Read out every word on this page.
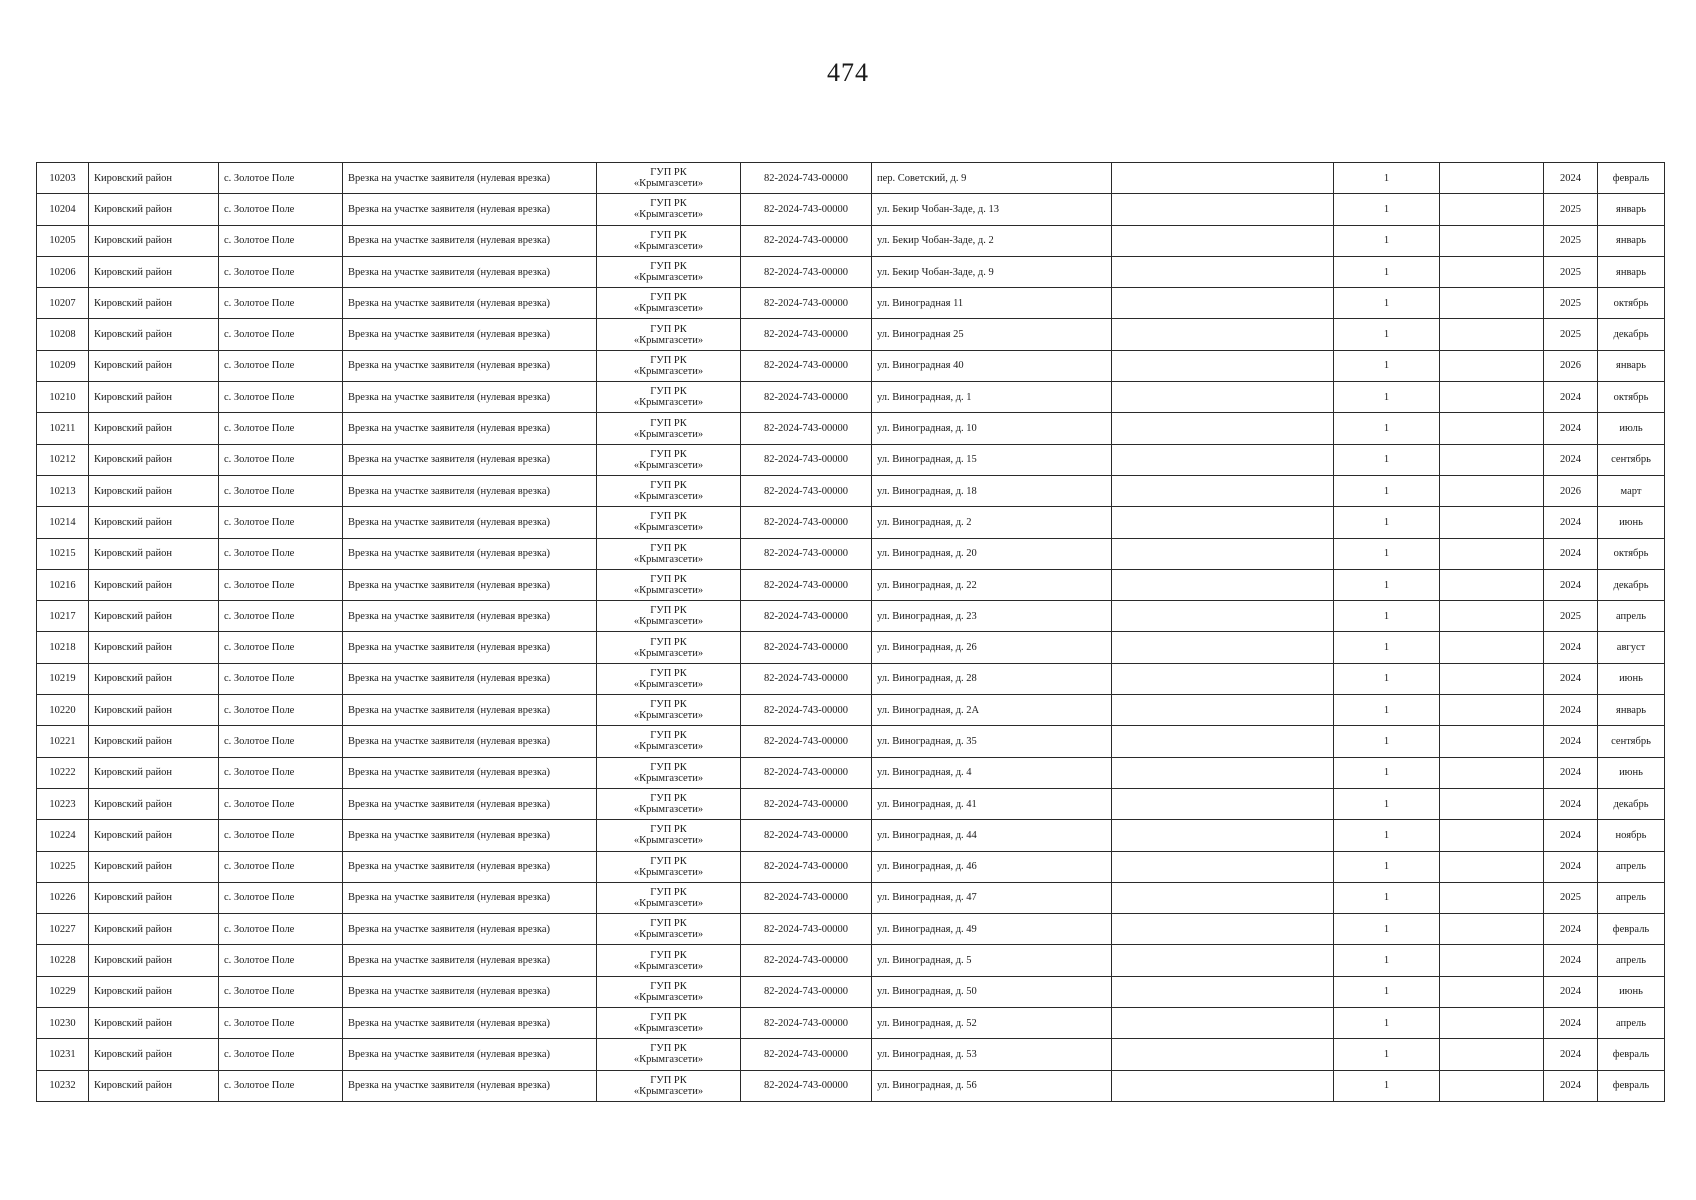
474
10203	Кировский район	с. Золотое Поле	Врезка на участке заявителя (нулевая врезка)	ГУП РК
«Крымгазсети»	82-2024-743-00000	пер. Советский, д. 9		1		2024	февраль
10204	Кировский район	с. Золотое Поле	Врезка на участке заявителя (нулевая врезка)	ГУП РК
«Крымгазсети»	82-2024-743-00000	ул. Бекир Чобан-Заде, д. 13		1		2025	январь
10205	Кировский район	с. Золотое Поле	Врезка на участке заявителя (нулевая врезка)	ГУП РК
«Крымгазсети»	82-2024-743-00000	ул. Бекир Чобан-Заде, д. 2		1		2025	январь
10206	Кировский район	с. Золотое Поле	Врезка на участке заявителя (нулевая врезка)	ГУП РК
«Крымгазсети»	82-2024-743-00000	ул. Бекир Чобан-Заде, д. 9		1		2025	январь
10207	Кировский район	с. Золотое Поле	Врезка на участке заявителя (нулевая врезка)	ГУП РК
«Крымгазсети»	82-2024-743-00000	ул. Виноградная 11		1		2025	октябрь
10208	Кировский район	с. Золотое Поле	Врезка на участке заявителя (нулевая врезка)	ГУП РК
«Крымгазсети»	82-2024-743-00000	ул. Виноградная 25		1		2025	декабрь
10209	Кировский район	с. Золотое Поле	Врезка на участке заявителя (нулевая врезка)	ГУП РК
«Крымгазсети»	82-2024-743-00000	ул. Виноградная 40		1		2026	январь
10210	Кировский район	с. Золотое Поле	Врезка на участке заявителя (нулевая врезка)	ГУП РК
«Крымгазсети»	82-2024-743-00000	ул. Виноградная, д. 1		1		2024	октябрь
10211	Кировский район	с. Золотое Поле	Врезка на участке заявителя (нулевая врезка)	ГУП РК
«Крымгазсети»	82-2024-743-00000	ул. Виноградная, д. 10		1		2024	июль
10212	Кировский район	с. Золотое Поле	Врезка на участке заявителя (нулевая врезка)	ГУП РК
«Крымгазсети»	82-2024-743-00000	ул. Виноградная, д. 15		1		2024	сентябрь
10213	Кировский район	с. Золотое Поле	Врезка на участке заявителя (нулевая врезка)	ГУП РК
«Крымгазсети»	82-2024-743-00000	ул. Виноградная, д. 18		1		2026	март
10214	Кировский район	с. Золотое Поле	Врезка на участке заявителя (нулевая врезка)	ГУП РК
«Крымгазсети»	82-2024-743-00000	ул. Виноградная, д. 2		1		2024	июнь
10215	Кировский район	с. Золотое Поле	Врезка на участке заявителя (нулевая врезка)	ГУП РК
«Крымгазсети»	82-2024-743-00000	ул. Виноградная, д. 20		1		2024	октябрь
10216	Кировский район	с. Золотое Поле	Врезка на участке заявителя (нулевая врезка)	ГУП РК
«Крымгазсети»	82-2024-743-00000	ул. Виноградная, д. 22		1		2024	декабрь
10217	Кировский район	с. Золотое Поле	Врезка на участке заявителя (нулевая врезка)	ГУП РК
«Крымгазсети»	82-2024-743-00000	ул. Виноградная, д. 23		1		2025	апрель
10218	Кировский район	с. Золотое Поле	Врезка на участке заявителя (нулевая врезка)	ГУП РК
«Крымгазсети»	82-2024-743-00000	ул. Виноградная, д. 26		1		2024	август
10219	Кировский район	с. Золотое Поле	Врезка на участке заявителя (нулевая врезка)	ГУП РК
«Крымгазсети»	82-2024-743-00000	ул. Виноградная, д. 28		1		2024	июнь
10220	Кировский район	с. Золотое Поле	Врезка на участке заявителя (нулевая врезка)	ГУП РК
«Крымгазсети»	82-2024-743-00000	ул. Виноградная, д. 2А		1		2024	январь
10221	Кировский район	с. Золотое Поле	Врезка на участке заявителя (нулевая врезка)	ГУП РК
«Крымгазсети»	82-2024-743-00000	ул. Виноградная, д. 35		1		2024	сентябрь
10222	Кировский район	с. Золотое Поле	Врезка на участке заявителя (нулевая врезка)	ГУП РК
«Крымгазсети»	82-2024-743-00000	ул. Виноградная, д. 4		1		2024	июнь
10223	Кировский район	с. Золотое Поле	Врезка на участке заявителя (нулевая врезка)	ГУП РК
«Крымгазсети»	82-2024-743-00000	ул. Виноградная, д. 41		1		2024	декабрь
10224	Кировский район	с. Золотое Поле	Врезка на участке заявителя (нулевая врезка)	ГУП РК
«Крымгазсети»	82-2024-743-00000	ул. Виноградная, д. 44		1		2024	ноябрь
10225	Кировский район	с. Золотое Поле	Врезка на участке заявителя (нулевая врезка)	ГУП РК
«Крымгазсети»	82-2024-743-00000	ул. Виноградная, д. 46		1		2024	апрель
10226	Кировский район	с. Золотое Поле	Врезка на участке заявителя (нулевая врезка)	ГУП РК
«Крымгазсети»	82-2024-743-00000	ул. Виноградная, д. 47		1		2025	апрель
10227	Кировский район	с. Золотое Поле	Врезка на участке заявителя (нулевая врезка)	ГУП РК
«Крымгазсети»	82-2024-743-00000	ул. Виноградная, д. 49		1		2024	февраль
10228	Кировский район	с. Золотое Поле	Врезка на участке заявителя (нулевая врезка)	ГУП РК
«Крымгазсети»	82-2024-743-00000	ул. Виноградная, д. 5		1		2024	апрель
10229	Кировский район	с. Золотое Поле	Врезка на участке заявителя (нулевая врезка)	ГУП РК
«Крымгазсети»	82-2024-743-00000	ул. Виноградная, д. 50		1		2024	июнь
10230	Кировский район	с. Золотое Поле	Врезка на участке заявителя (нулевая врезка)	ГУП РК
«Крымгазсети»	82-2024-743-00000	ул. Виноградная, д. 52		1		2024	апрель
10231	Кировский район	с. Золотое Поле	Врезка на участке заявителя (нулевая врезка)	ГУП РК
«Крымгазсети»	82-2024-743-00000	ул. Виноградная, д. 53		1		2024	февраль
10232	Кировский район	с. Золотое Поле	Врезка на участке заявителя (нулевая врезка)	ГУП РК
«Крымгазсети»	82-2024-743-00000	ул. Виноградная, д. 56		1		2024	февраль
